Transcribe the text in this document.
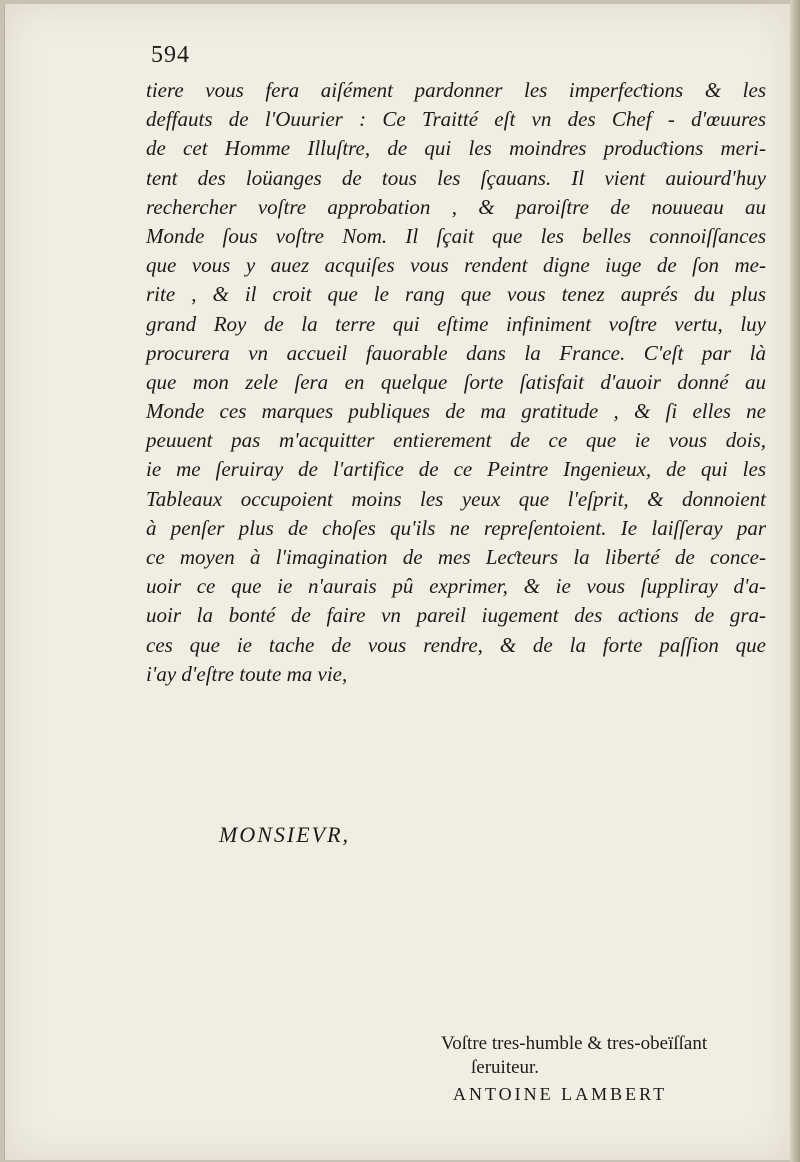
594
tiere vous fera aiſément pardonner les imperfeƈtions & les
deffauts de l'Ouurier : Ce Traitté eſt vn des Chef - d'œuures
de cet Homme Illuſtre, de qui les moindres produƈtions meri-
tent des loüanges de tous les ſçauans. Il vient auiourd'huy
rechercher voſtre approbation , & paroiſtre de nouueau au
Monde ſous voſtre Nom. Il ſçait que les belles connoiſſances
que vous y auez acquiſes vous rendent digne iuge de ſon me-
rite , & il croit que le rang que vous tenez auprés du plus
grand Roy de la terre qui eſtime infiniment voſtre vertu, luy
procurera vn accueil fauorable dans la France. C'eſt par là
que mon zele ſera en quelque ſorte ſatisfait d'auoir donné au
Monde ces marques publiques de ma gratitude , & ſi elles ne
peuuent pas m'acquitter entierement de ce que ie vous dois,
ie me ſeruiray de l'artifice de ce Peintre Ingenieux, de qui les
Tableaux occupoient moins les yeux que l'eſprit, & donnoient
à penſer plus de choſes qu'ils ne repreſentoient. Ie laiſſeray par
ce moyen à l'imagination de mes Leƈteurs la liberté de conce-
uoir ce que ie n'aurais pû exprimer, & ie vous ſuppliray d'a-
uoir la bonté de faire vn pareil iugement des aƈtions de gra-
ces que ie tache de vous rendre, & de la forte paſſion que
i'ay d'eſtre toute ma vie,
MONSIEVR,
Voſtre tres-humble & tres-obeïſſant
ſeruiteur.
ANTOINE LAMBERT
